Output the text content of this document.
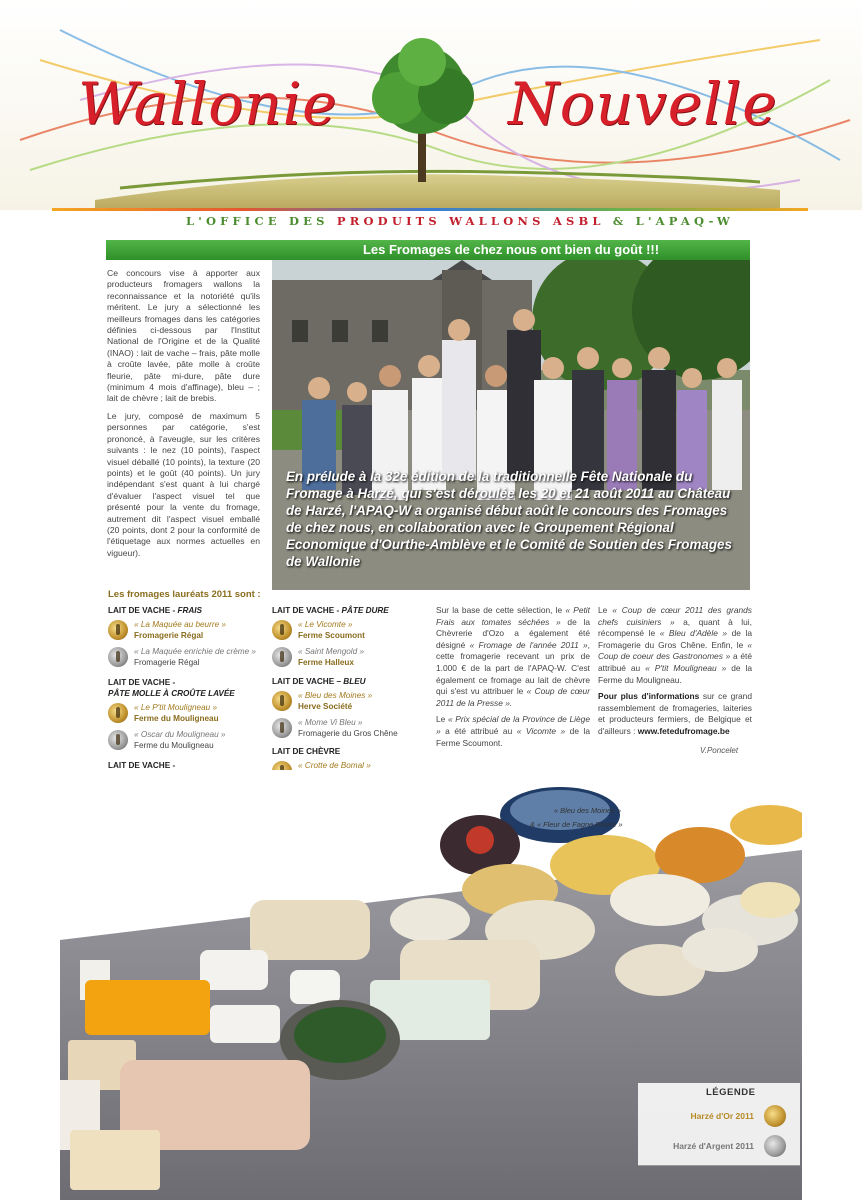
Wallonie	Nouvelle
L'OFFICE DES PRODUITS WALLONS ASBL & L'APAQ-W
Les Fromages de chez nous ont bien du goût !!!

Ce concours vise à apporter aux producteurs fromagers wallons la reconnaissance et la notoriété qu'ils méritent. Le jury a sélectionné les meilleurs fromages dans les catégories définies ci-dessous par l'Institut National de l'Origine et de la Qualité (INAO) : lait de vache – frais, pâte molle à croûte lavée, pâte molle à croûte fleurie, pâte mi-dure, pâte dure (minimum 4 mois d'affinage), bleu – ; lait de chèvre ; lait de brebis.

Le jury, composé de maximum 5 personnes par catégorie, s'est prononcé, à l'aveugle, sur les critères suivants : le nez (10 points), l'aspect visuel déballé (10 points), la texture (20 points) et le goût (40 points). Un jury indépendant s'est quant à lui chargé d'évaluer l'aspect visuel tel que présenté pour la vente du fromage, autrement dit l'aspect visuel emballé (20 points, dont 2 pour la conformité de l'étiquetage aux normes actuelles en vigueur).

En prélude à la 32e édition de la traditionnelle Fête Nationale du Fromage à Harzé, qui s'est déroulée les 20 et 21 août 2011 au Château de Harzé, l'APAQ-W a organisé début août le concours des Fromages de chez nous, en collaboration avec le Groupement Régional Economique d'Ourthe-Amblève et le Comité de Soutien des Fromages de Wallonie
Les fromages lauréats 2011 sont :
LAIT DE VACHE - FRAIS
« La Maquée au beurre »
Fromagerie Régal
« La Maquée enrichie de crème »
Fromagerie Régal
LAIT DE VACHE -
PÂTE MOLLE À CROÛTE LAVÉE
« Le P'tit Mouligneau »
Ferme du Mouligneau
« Oscar du Mouligneau »
Ferme du Mouligneau
LAIT DE VACHE -

LAIT DE VACHE - PÂTE DURE
« Le Vicomte »
Ferme Scoumont
« Saint Mengold »
Ferme Halleux
LAIT DE VACHE – BLEU
« Bleu des Moines »
Herve Société
« Mome Vi Bleu »
Fromagerie du Gros Chêne
LAIT DE CHÈVRE
« Crotte de Bomal »

Sur la base de cette sélection, le « Petit Frais aux tomates séchées » de la Chèvrerie d'Ozo a également été désigné « Fromage de l'année 2011 », cette fromagerie recevant un prix de 1.000 € de la part de l'APAQ-W. C'est également ce fromage au lait de chèvre qui s'est vu attribuer le « Coup de cœur 2011 de la Presse ».

Le « Prix spécial de la Province de Liège » a été attribué au « Vicomte » de la Ferme Scoumont.

Le « Coup de cœur 2011 des grands chefs cuisiniers » a, quant à lui, récompensé le « Bleu d'Adèle » de la Fromagerie du Gros Chêne. Enfin, le « Coup de coeur des Gastronomes » a été attribué au « P'tit Mouligneau » de la Ferme du Mouligneau.

Pour plus d'informations sur ce grand rassemblement de fromageries, laiteries et producteurs fermiers, de Belgique et d'ailleurs : www.fetedufromage.be

V.Poncelet
« Bleu des Moines »
& « Fleur de Fagne Poivre »
LÉGENDE
Harzé d'Or 2011
Harzé d'Argent 2011
